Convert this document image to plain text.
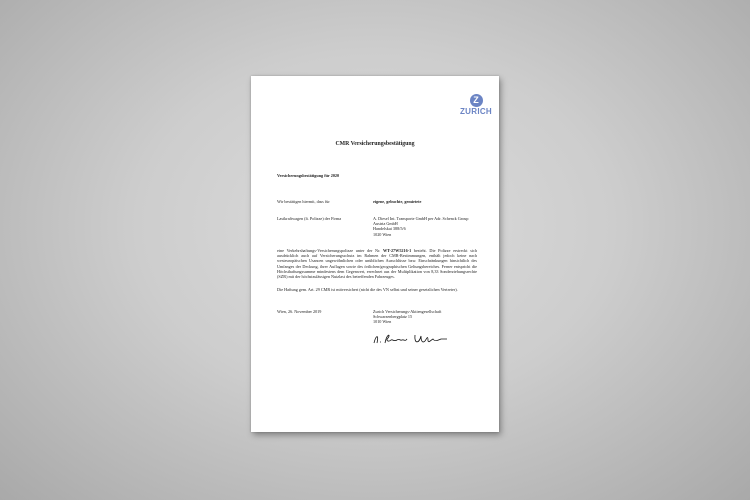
Z
ZURICH
CMR Versicherungsbestätigung
Versicherungsbestätigung für 2020
Wir bestätigen hiermit, dass für	eigene, gebuchte, gemietete
Lastkraftwagen (lt. Polizze) der Firma	A. Diesel Int. Transporte GmbH per Adr. Schenck Group
Austria GmbH
Handelskai 388/5/6
1020 Wien
eine Verkehrshaftungs-Versicherungspolizze unter der Nr. WT-27W5216-1 besteht. Die Polizze erstreckt sich ausdrücklich auch auf Versicherungsschutz im Rahmen der CMR-Bestimmungen, enthält jedoch keine nach westeuropäischen Usancen ungewöhnlichen oder unüblichen Ausschlüsse bzw. Einschränkungen hinsichtlich des Umfanges der Deckung, ihrer Auflagen sowie des örtlichen/geographischen Geltungsbereiches. Ferner entspricht die Höchsthaftungssumme mindestens dem Gegenwert, errechnet aus der Multiplikation von 8,33 Sonderziehungsrechte (SZR) mit der höchstzulässigen Nutzlast des betreffenden Fahrzeuges.
Die Haftung gem. Art. 29 CMR ist mitversichert (nicht die des VN selbst und seiner gesetzlichen Vertreter).
Wien, 26. November 2019	Zurich Versicherungs-Aktiengesellschaft
Schwarzenbergplatz 15
1010 Wien
